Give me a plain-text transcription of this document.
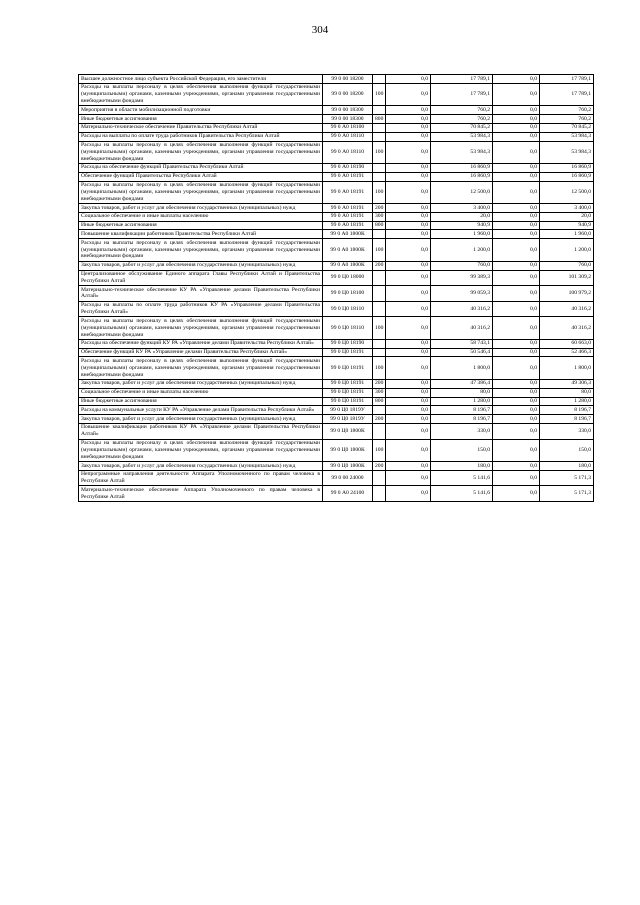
304
Высшее должностное лицо субъекта Российской Федерации, его заместители	99 0 00 18200		0,0	17 789,1	0,0	17 789,1
Расходы на выплаты персоналу в целях обеспечения выполнения функций государственными (муниципальными) органами, казенными учреждениями, органами управления государственными внебюджетными фондами	99 0 00 18200	100	0,0	17 789,1	0,0	17 789,1
Мероприятия в области мобилизационной подготовки	99 0 00 18300		0,0	760,2	0,0	760,2
Иные бюджетные ассигнования	99 0 00 18300	800	0,0	760,2	0,0	760,2
Материально-техническое обеспечение Правительства Республики Алтай	99 0 А0 18100		0,0	70 845,2	0,0	70 845,2
Расходы на выплаты по оплате труда работников Правительства Республики Алтай	99 0 А0 18110		0,0	53 984,3	0,0	53 984,3
Расходы на выплаты персоналу в целях обеспечения выполнения функций государственными (муниципальными) органами, казенными учреждениями, органами управления государственными внебюджетными фондами	99 0 А0 18110	100	0,0	53 984,3	0,0	53 984,3
Расходы на обеспечение функций Правительства Республики Алтай	99 0 А0 18190		0,0	16 860,9	0,0	16 860,9
Обеспечение функций Правительства Республики Алтай	99 0 А0 18191		0,0	16 860,9	0,0	16 860,9
Расходы на выплаты персоналу в целях обеспечения выполнения функций государственными (муниципальными) органами, казенными учреждениями, органами управления государственными внебюджетными фондами	99 0 А0 18191	100	0,0	12 500,0	0,0	12 500,0
Закупка товаров, работ и услуг для обеспечения государственных (муниципальных) нужд	99 0 А0 18191	200	0,0	3 400,0	0,0	3 400,0
Социальное обеспечение и иные выплаты населению	99 0 А0 18191	300	0,0	20,0	0,0	20,0
Иные бюджетные ассигнования	99 0 А0 18191	800	0,0	940,9	0,0	940,9
Повышение квалификации работников Правительства Республики Алтай	99 0 А0 1800К		0,0	1 960,0	0,0	1 960,0
Расходы на выплаты персоналу в целях обеспечения выполнения функций государственными (муниципальными) органами, казенными учреждениями, органами управления государственными внебюджетными фондами	99 0 А0 1800К	100	0,0	1 200,0	0,0	1 200,0
Закупка товаров, работ и услуг для обеспечения государственных (муниципальных) нужд	99 0 А0 1800К	200	0,0	760,0	0,0	760,0
Централизованное обслуживание Единого аппарата Главы Республики Алтай и Правительства Республики Алтай	99 0 Ц0 18000		0,0	99 389,3	0,0	101 309,2
Материально-техническое обеспечение КУ РА «Управление делами Правительства Республики Алтай»	99 0 Ц0 18100		0,0	99 059,3	0,0	100 979,2
Расходы на выплаты по оплате труда работников КУ РА «Управление делами Правительства Республики Алтай»	99 0 Ц0 18110		0,0	40 316,2	0,0	40 316,2
Расходы на выплаты персоналу в целях обеспечения выполнения функций государственными (муниципальными) органами, казенными учреждениями, органами управления государственными внебюджетными фондами	99 0 Ц0 18110	100	0,0	40 316,2	0,0	40 316,2
Расходы на обеспечение функций КУ РА «Управление делами Правительства Республики Алтай»	99 0 Ц0 18190		0,0	58 743,1	0,0	60 663,0
Обеспечение функций КУ РА «Управление делами Правительства Республики Алтай»	99 0 Ц0 18191		0,0	50 546,4	0,0	52 466,3
Расходы на выплаты персоналу в целях обеспечения выполнения функций государственными (муниципальными) органами, казенными учреждениями, органами управления государственными внебюджетными фондами	99 0 Ц0 18191	100	0,0	1 800,0	0,0	1 800,0
Закупка товаров, работ и услуг для обеспечения государственных (муниципальных) нужд	99 0 Ц0 18191	200	0,0	47 386,4	0,0	49 306,3
Социальное обеспечение и иные выплаты населению	99 0 Ц0 18191	300	0,0	80,0	0,0	80,0
Иные бюджетные ассигнования	99 0 Ц0 18191	800	0,0	1 280,0	0,0	1 280,0
Расходы на коммунальные услуги КУ РА «Управление делами Правительства Республики Алтай»	99 0 Ц0 1819У		0,0	8 196,7	0,0	8 196,7
Закупка товаров, работ и услуг для обеспечения государственных (муниципальных) нужд	99 0 Ц0 1819У	200	0,0	8 196,7	0,0	8 196,7
Повышение квалификации работников КУ РА «Управление делами Правительства Республики Алтай»	99 0 Ц0 1800К		0,0	330,0	0,0	330,0
Расходы на выплаты персоналу в целях обеспечения выполнения функций государственными (муниципальными) органами, казенными учреждениями, органами управления государственными внебюджетными фондами	99 0 Ц0 1800К	100	0,0	150,0	0,0	150,0
Закупка товаров, работ и услуг для обеспечения государственных (муниципальных) нужд	99 0 Ц0 1800К	200	0,0	180,0	0,0	180,0
Непрограммные направления деятельности Аппарата Уполномоченного по правам человека в Республике Алтай	99 0 00 24000		0,0	5 141,6	0,0	5 171,3
Материально-техническое обеспечение Аппарата Уполномоченного по правам человека в Республике Алтай	99 0 А0 24100		0,0	5 141,6	0,0	5 171,3
